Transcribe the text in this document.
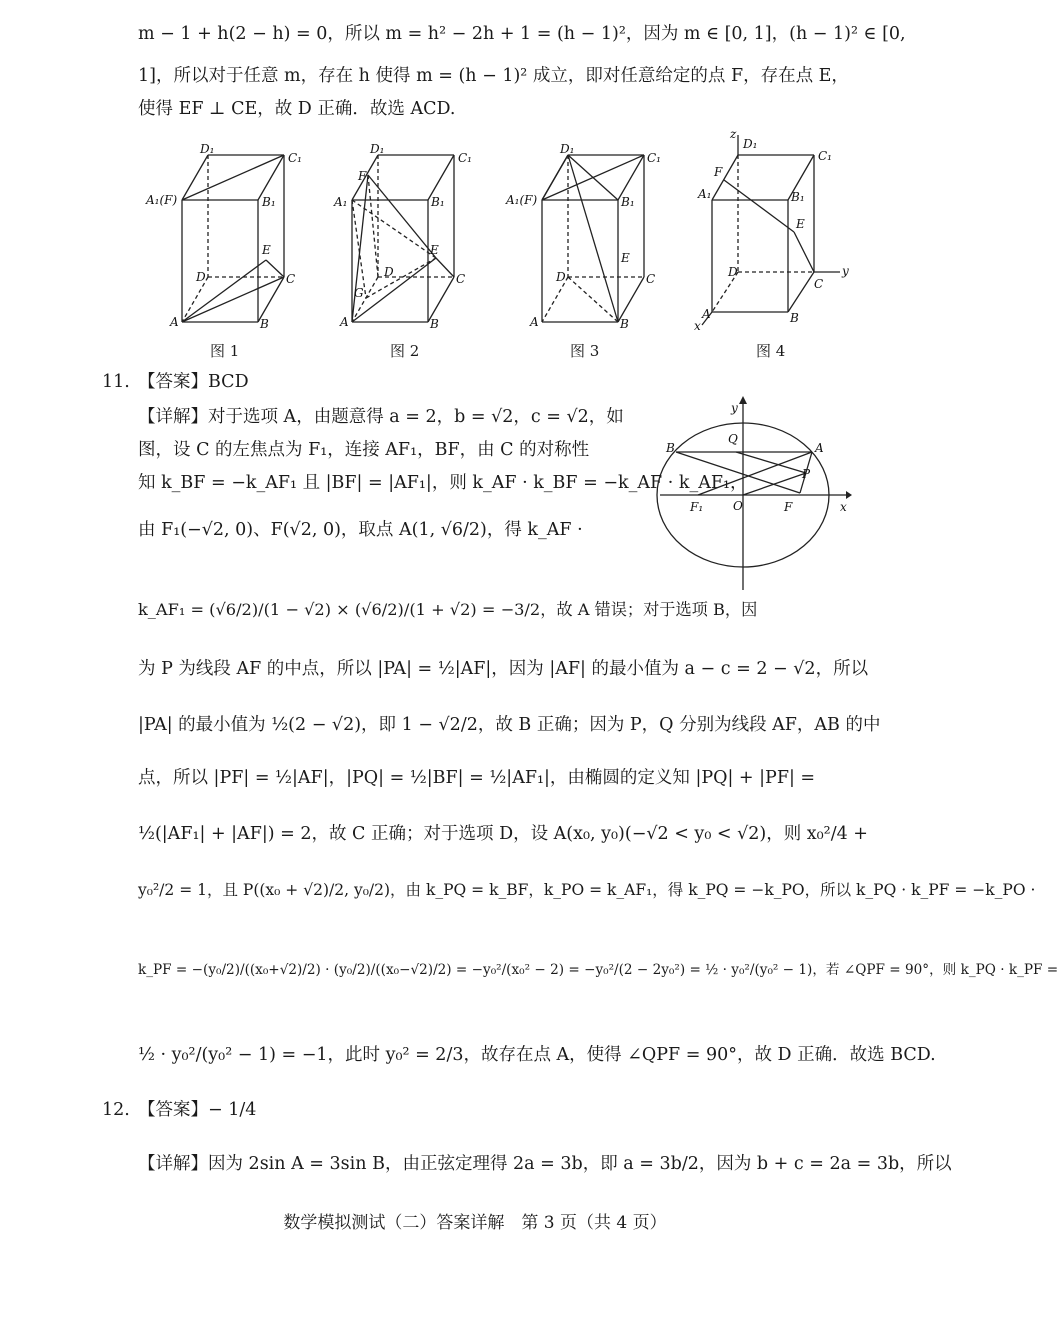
m − 1 + h(2 − h) = 0，所以 m = h² − 2h + 1 = (h − 1)²，因为 m ∈ [0, 1]，(h − 1)² ∈ [0,
1]，所以对于任意 m，存在 h 使得 m = (h − 1)² 成立，即对任意给定的点 F，存在点 E，
使得 EF ⊥ CE，故 D 正确．故选 ACD.
D₁
C₁
A₁(F)	B₁
D	C
E
A	B
D₁
C₁
F
A₁	B₁
D	C
E
G
A	B
D₁
C₁
A₁(F)	B₁
D	C
E
A	B
z
D₁
C₁
F
A₁	B₁
E
D	y
C
A
x
B
图 1	图 2	图 3	图 4
11. 【答案】BCD
【详解】对于选项 A，由题意得 a = 2，b = √2，c = √2，如
图，设 C 的左焦点为 F₁，连接 AF₁，BF，由 C 的对称性
知 k_BF = −k_AF₁ 且 |BF| = |AF₁|，则 k_AF · k_BF = −k_AF · k_AF₁，
由 F₁(−√2, 0)、F(√2, 0)，取点 A(1, √6/2)，得 k_AF ·
k_AF₁ = (√6/2)/(1 − √2) × (√6/2)/(1 + √2) = −3/2，故 A 错误；对于选项 B，因
y
Q
B	A
P
F₁ O	F	x
为 P 为线段 AF 的中点，所以 |PA| = ½|AF|，因为 |AF| 的最小值为 a − c = 2 − √2，所以
|PA| 的最小值为 ½(2 − √2)，即 1 − √2/2，故 B 正确；因为 P，Q 分别为线段 AF，AB 的中
点，所以 |PF| = ½|AF|，|PQ| = ½|BF| = ½|AF₁|，由椭圆的定义知 |PQ| + |PF| =
½(|AF₁| + |AF|) = 2，故 C 正确；对于选项 D，设 A(x₀, y₀)(−√2 < y₀ < √2)，则 x₀²/4 +
y₀²/2 = 1，且 P((x₀ + √2)/2, y₀/2)，由 k_PQ = k_BF，k_PO = k_AF₁，得 k_PQ = −k_PO，所以 k_PQ · k_PF = −k_PO ·
k_PF = −(y₀/2)/((x₀+√2)/2) · (y₀/2)/((x₀−√2)/2) = −y₀²/(x₀² − 2) = −y₀²/(2 − 2y₀²) = ½ · y₀²/(y₀² − 1)，若 ∠QPF = 90°，则 k_PQ · k_PF =
½ · y₀²/(y₀² − 1) = −1，此时 y₀² = 2/3，故存在点 A，使得 ∠QPF = 90°，故 D 正确．故选 BCD.
12. 【答案】− 1/4
【详解】因为 2sin A = 3sin B，由正弦定理得 2a = 3b，即 a = 3b/2，因为 b + c = 2a = 3b，所以
数学模拟测试（二）答案详解　第 3 页（共 4 页）
